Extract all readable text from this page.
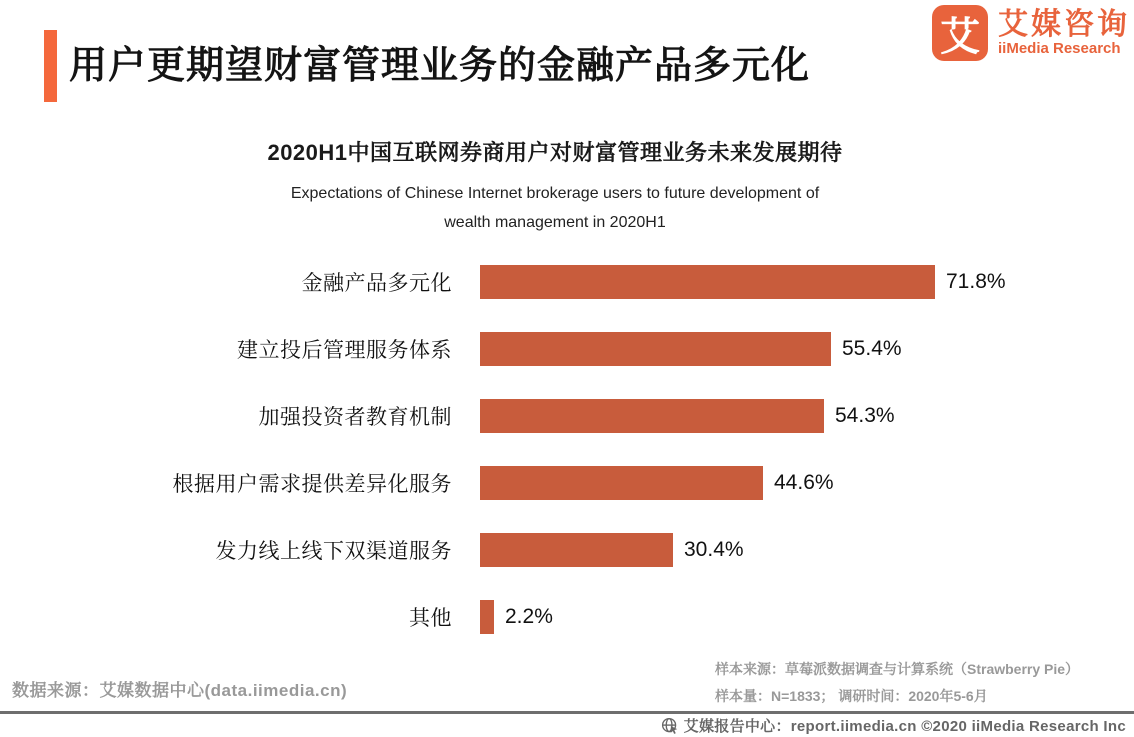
用户更期望财富管理业务的金融产品多元化
艾 艾媒咨询
iiMedia Research
2020H1中国互联网券商用户对财富管理业务未来发展期待
Expectations of Chinese Internet brokerage users to future development of
wealth management in 2020H1
金融产品多元化	71.8%
建立投后管理服务体系	55.4%
加强投资者教育机制	54.3%
根据用户需求提供差异化服务	44.6%
发力线上线下双渠道服务	30.4%
其他	2.2%
数据来源：艾媒数据中心(data.iimedia.cn)
样本来源：草莓派数据调查与计算系统（Strawberry Pie）
样本量：N=1833； 调研时间：2020年5-6月
艾媒报告中心：report.iimedia.cn ©2020 iiMedia Research Inc
